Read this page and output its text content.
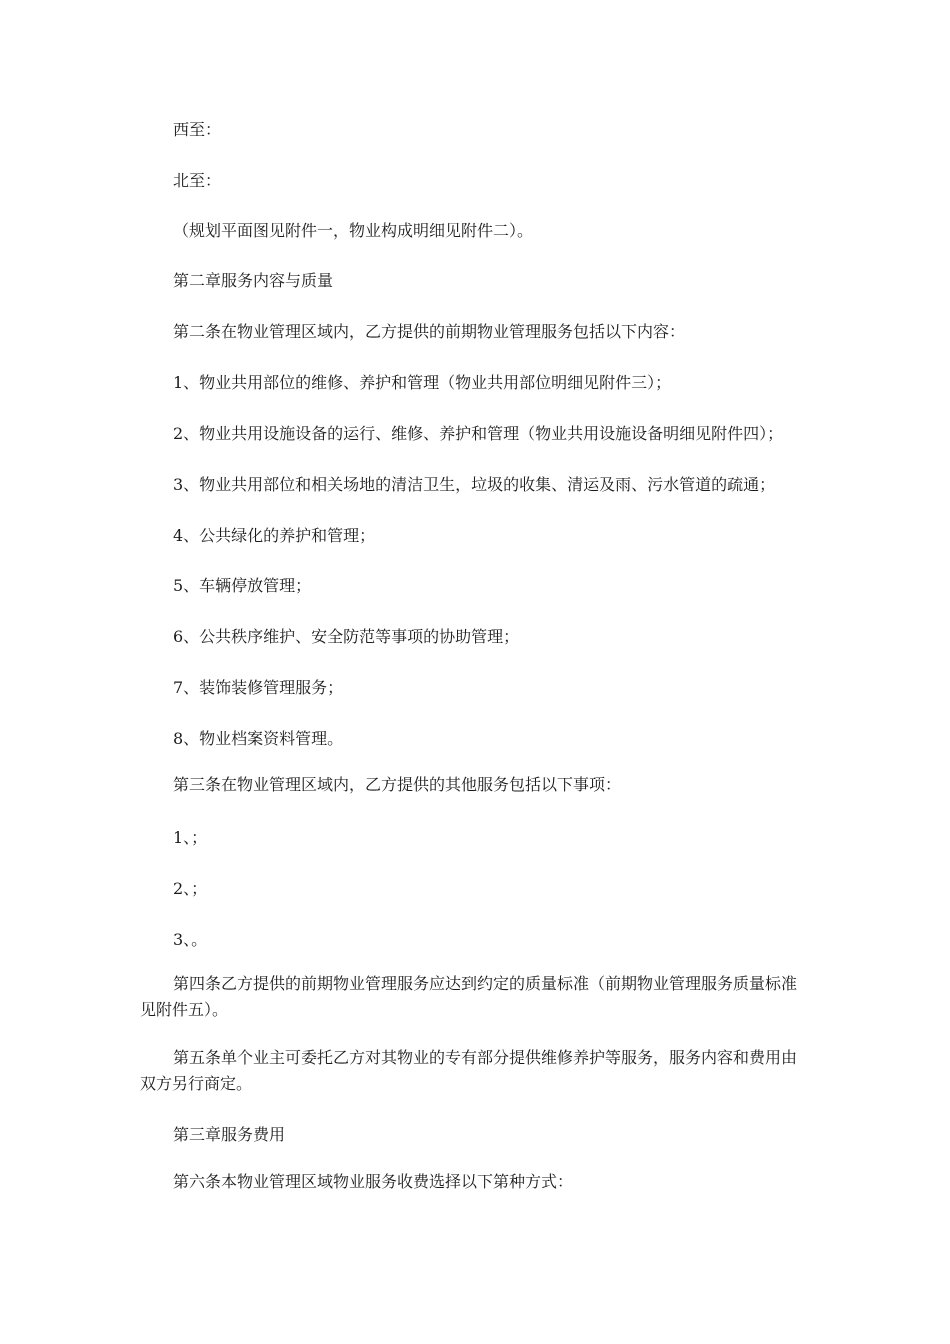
西至：

北至：

（规划平面图见附件一，物业构成明细见附件二）。

第二章服务内容与质量

第二条在物业管理区域内，乙方提供的前期物业管理服务包括以下内容：

1、物业共用部位的维修、养护和管理（物业共用部位明细见附件三）；

2、物业共用设施设备的运行、维修、养护和管理（物业共用设施设备明细见附件四）；

3、物业共用部位和相关场地的清洁卫生，垃圾的收集、清运及雨、污水管道的疏通；

4、公共绿化的养护和管理；

5、车辆停放管理；

6、公共秩序维护、安全防范等事项的协助管理；

7、装饰装修管理服务；

8、物业档案资料管理。

第三条在物业管理区域内，乙方提供的其他服务包括以下事项：

1、；

2、；

3、。

第四条乙方提供的前期物业管理服务应达到约定的质量标准（前期物业管理服务质量标准见附件五）。

第五条单个业主可委托乙方对其物业的专有部分提供维修养护等服务，服务内容和费用由双方另行商定。

第三章服务费用

第六条本物业管理区域物业服务收费选择以下第种方式：
